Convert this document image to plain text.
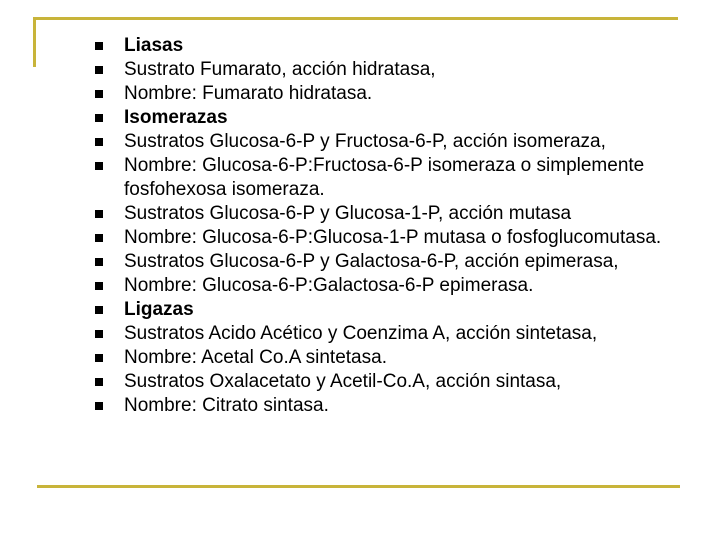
Liasas
Sustrato Fumarato, acción hidratasa,
Nombre: Fumarato hidratasa.
Isomerazas
Sustratos Glucosa-6-P y Fructosa-6-P, acción isomeraza,
Nombre: Glucosa-6-P:Fructosa-6-P isomeraza o simplemente fosfohexosa isomeraza.
Sustratos Glucosa-6-P y Glucosa-1-P, acción mutasa
Nombre: Glucosa-6-P:Glucosa-1-P mutasa o fosfoglucomutasa.
Sustratos Glucosa-6-P y Galactosa-6-P, acción epimerasa,
Nombre: Glucosa-6-P:Galactosa-6-P epimerasa.
Ligazas
Sustratos Acido Acético y Coenzima A, acción sintetasa,
Nombre: Acetal Co.A sintetasa.
Sustratos Oxalacetato y Acetil-Co.A, acción sintasa,
Nombre: Citrato sintasa.
